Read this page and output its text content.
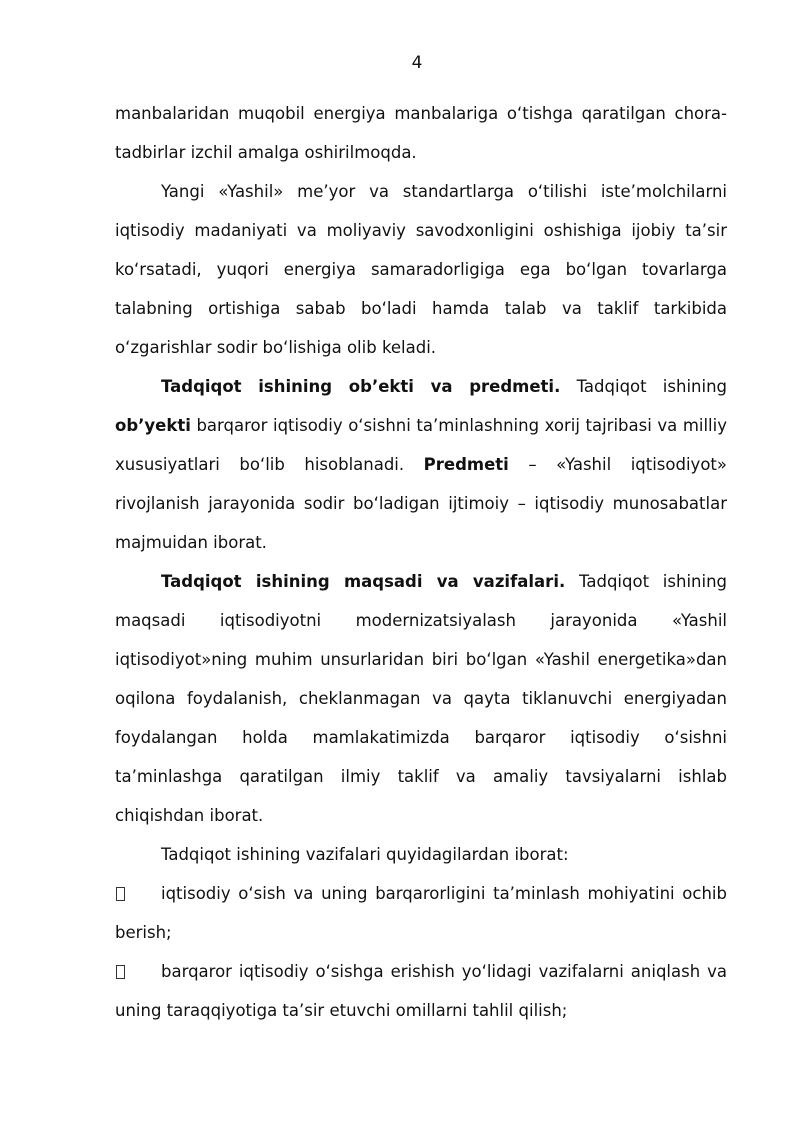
4

manbalaridan muqobil energiya manbalariga o‘tishga qaratilgan chora-tadbirlar izchil amalga oshirilmoqda.

Yangi «Yashil» me’yor va standartlarga o‘tilishi iste’molchilarni iqtisodiy madaniyati va moliyaviy savodxonligini oshishiga ijobiy ta’sir ko‘rsatadi, yuqori energiya samaradorligiga ega bo‘lgan tovarlarga talabning ortishiga sabab bo‘ladi hamda talab va taklif tarkibida o‘zgarishlar sodir bo‘lishiga olib keladi.

Tadqiqot ishining ob’ekti va predmeti. Tadqiqot ishining ob’yekti barqaror iqtisodiy o‘sishni ta’minlashning xorij tajribasi va milliy xususiyatlari bo‘lib hisoblanadi. Predmeti – «Yashil iqtisodiyot» rivojlanish jarayonida sodir bo‘ladigan ijtimoiy – iqtisodiy munosabatlar majmuidan iborat.

Tadqiqot ishining maqsadi va vazifalari. Tadqiqot ishining maqsadi iqtisodiyotni modernizatsiyalash jarayonida «Yashil iqtisodiyot»ning muhim unsurlaridan biri bo‘lgan «Yashil energetika»dan oqilona foydalanish, cheklanmagan va qayta tiklanuvchi energiyadan foydalangan holda mamlakatimizda barqaror iqtisodiy o‘sishni ta’minlashga qaratilgan ilmiy taklif va amaliy tavsiyalarni ishlab chiqishdan iborat.

Tadqiqot ishining vazifalari quyidagilardan iborat:

iqtisodiy o‘sish va uning barqarorligini ta’minlash mohiyatini ochib berish;

barqaror iqtisodiy o‘sishga erishish yo‘lidagi vazifalarni aniqlash va uning taraqqiyotiga ta’sir etuvchi omillarni tahlil qilish;
